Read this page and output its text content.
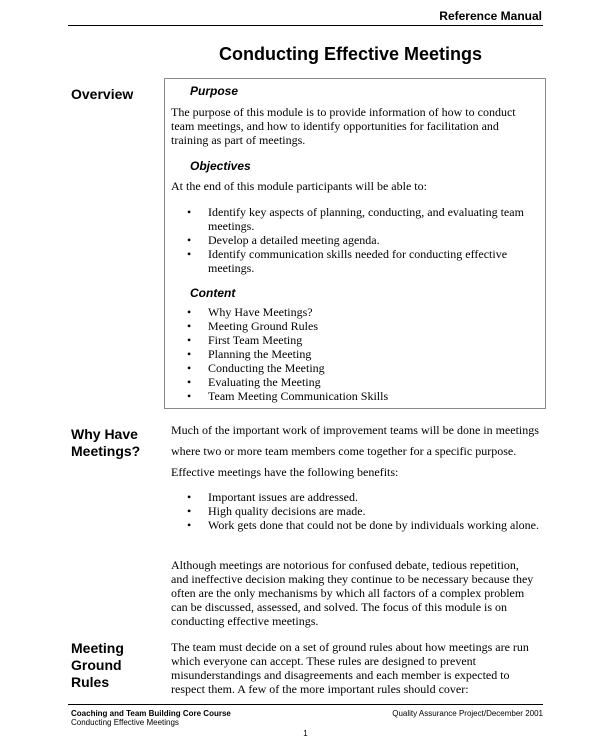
Reference Manual
Conducting Effective Meetings
Overview	Purpose

The purpose of this module is to provide information of how to conduct team meetings, and how to identify opportunities for facilitation and training as part of meetings.

Objectives

At the end of this module participants will be able to:

• Identify key aspects of planning, conducting, and evaluating team meetings.
• Develop a detailed meeting agenda.
• Identify communication skills needed for conducting effective meetings.
Content
• Why Have Meetings?
• Meeting Ground Rules
• First Team Meeting
• Planning the Meeting
• Conducting the Meeting
• Evaluating the Meeting
• Team Meeting Communication Skills
Why Have
Meetings?

Much of the important work of improvement teams will be done in meetings where two or more team members come together for a specific purpose. Effective meetings have the following benefits:

• Important issues are addressed.
• High quality decisions are made.
• Work gets done that could not be done by individuals working alone.

Although meetings are notorious for confused debate, tedious repetition, and ineffective decision making they continue to be necessary because they often are the only mechanisms by which all factors of a complex problem can be discussed, assessed, and solved. The focus of this module is on conducting effective meetings.

Meeting
Ground
Rules

The team must decide on a set of ground rules about how meetings are run which everyone can accept. These rules are designed to prevent misunderstandings and disagreements and each member is expected to respect them. A few of the more important rules should cover:

Coaching and Team Building Core Course
Conducting Effective Meetings
Quality Assurance Project/December 2001
1
